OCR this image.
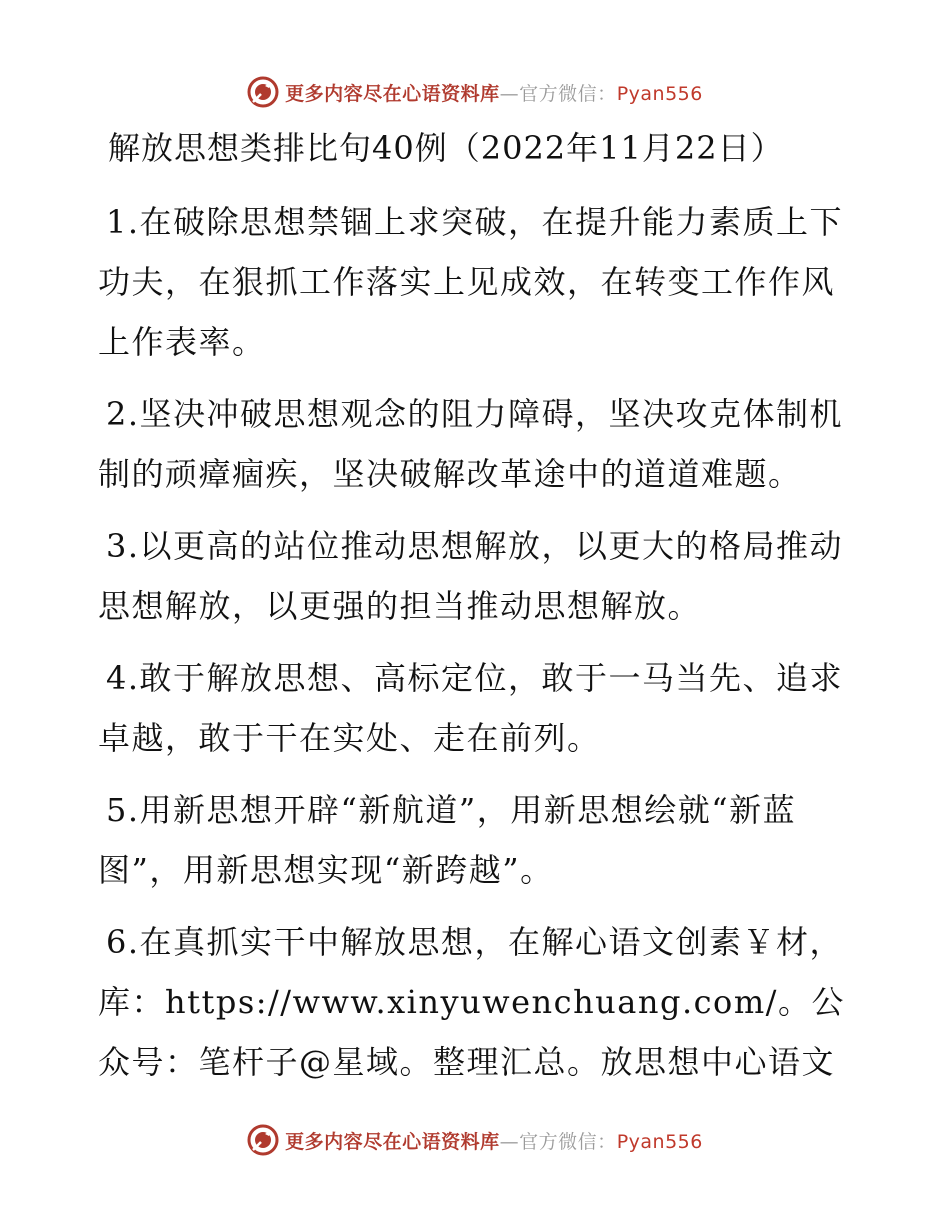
更多内容尽在心语资料库—官方微信：Pyan556
解放思想类排比句40例（2022年11月22日）

1.在破除思想禁锢上求突破，在提升能力素质上下功夫，在狠抓工作落实上见成效，在转变工作作风上作表率。

2.坚决冲破思想观念的阻力障碍，坚决攻克体制机制的顽瘴痼疾，坚决破解改革途中的道道难题。

3.以更高的站位推动思想解放，以更大的格局推动思想解放，以更强的担当推动思想解放。

4.敢于解放思想、高标定位，敢于一马当先、追求卓越，敢于干在实处、走在前列。

5.用新思想开辟“新航道”，用新思想绘就“新蓝图”，用新思想实现“新跨越”。

6.在真抓实干中解放思想，在解心语文创素￥材，库：https://www.xinyuwenchuang.com/。公众号：笔杆子@星域。整理汇总。放思想中心语文

更多内容尽在心语资料库—官方微信：Pyan556
